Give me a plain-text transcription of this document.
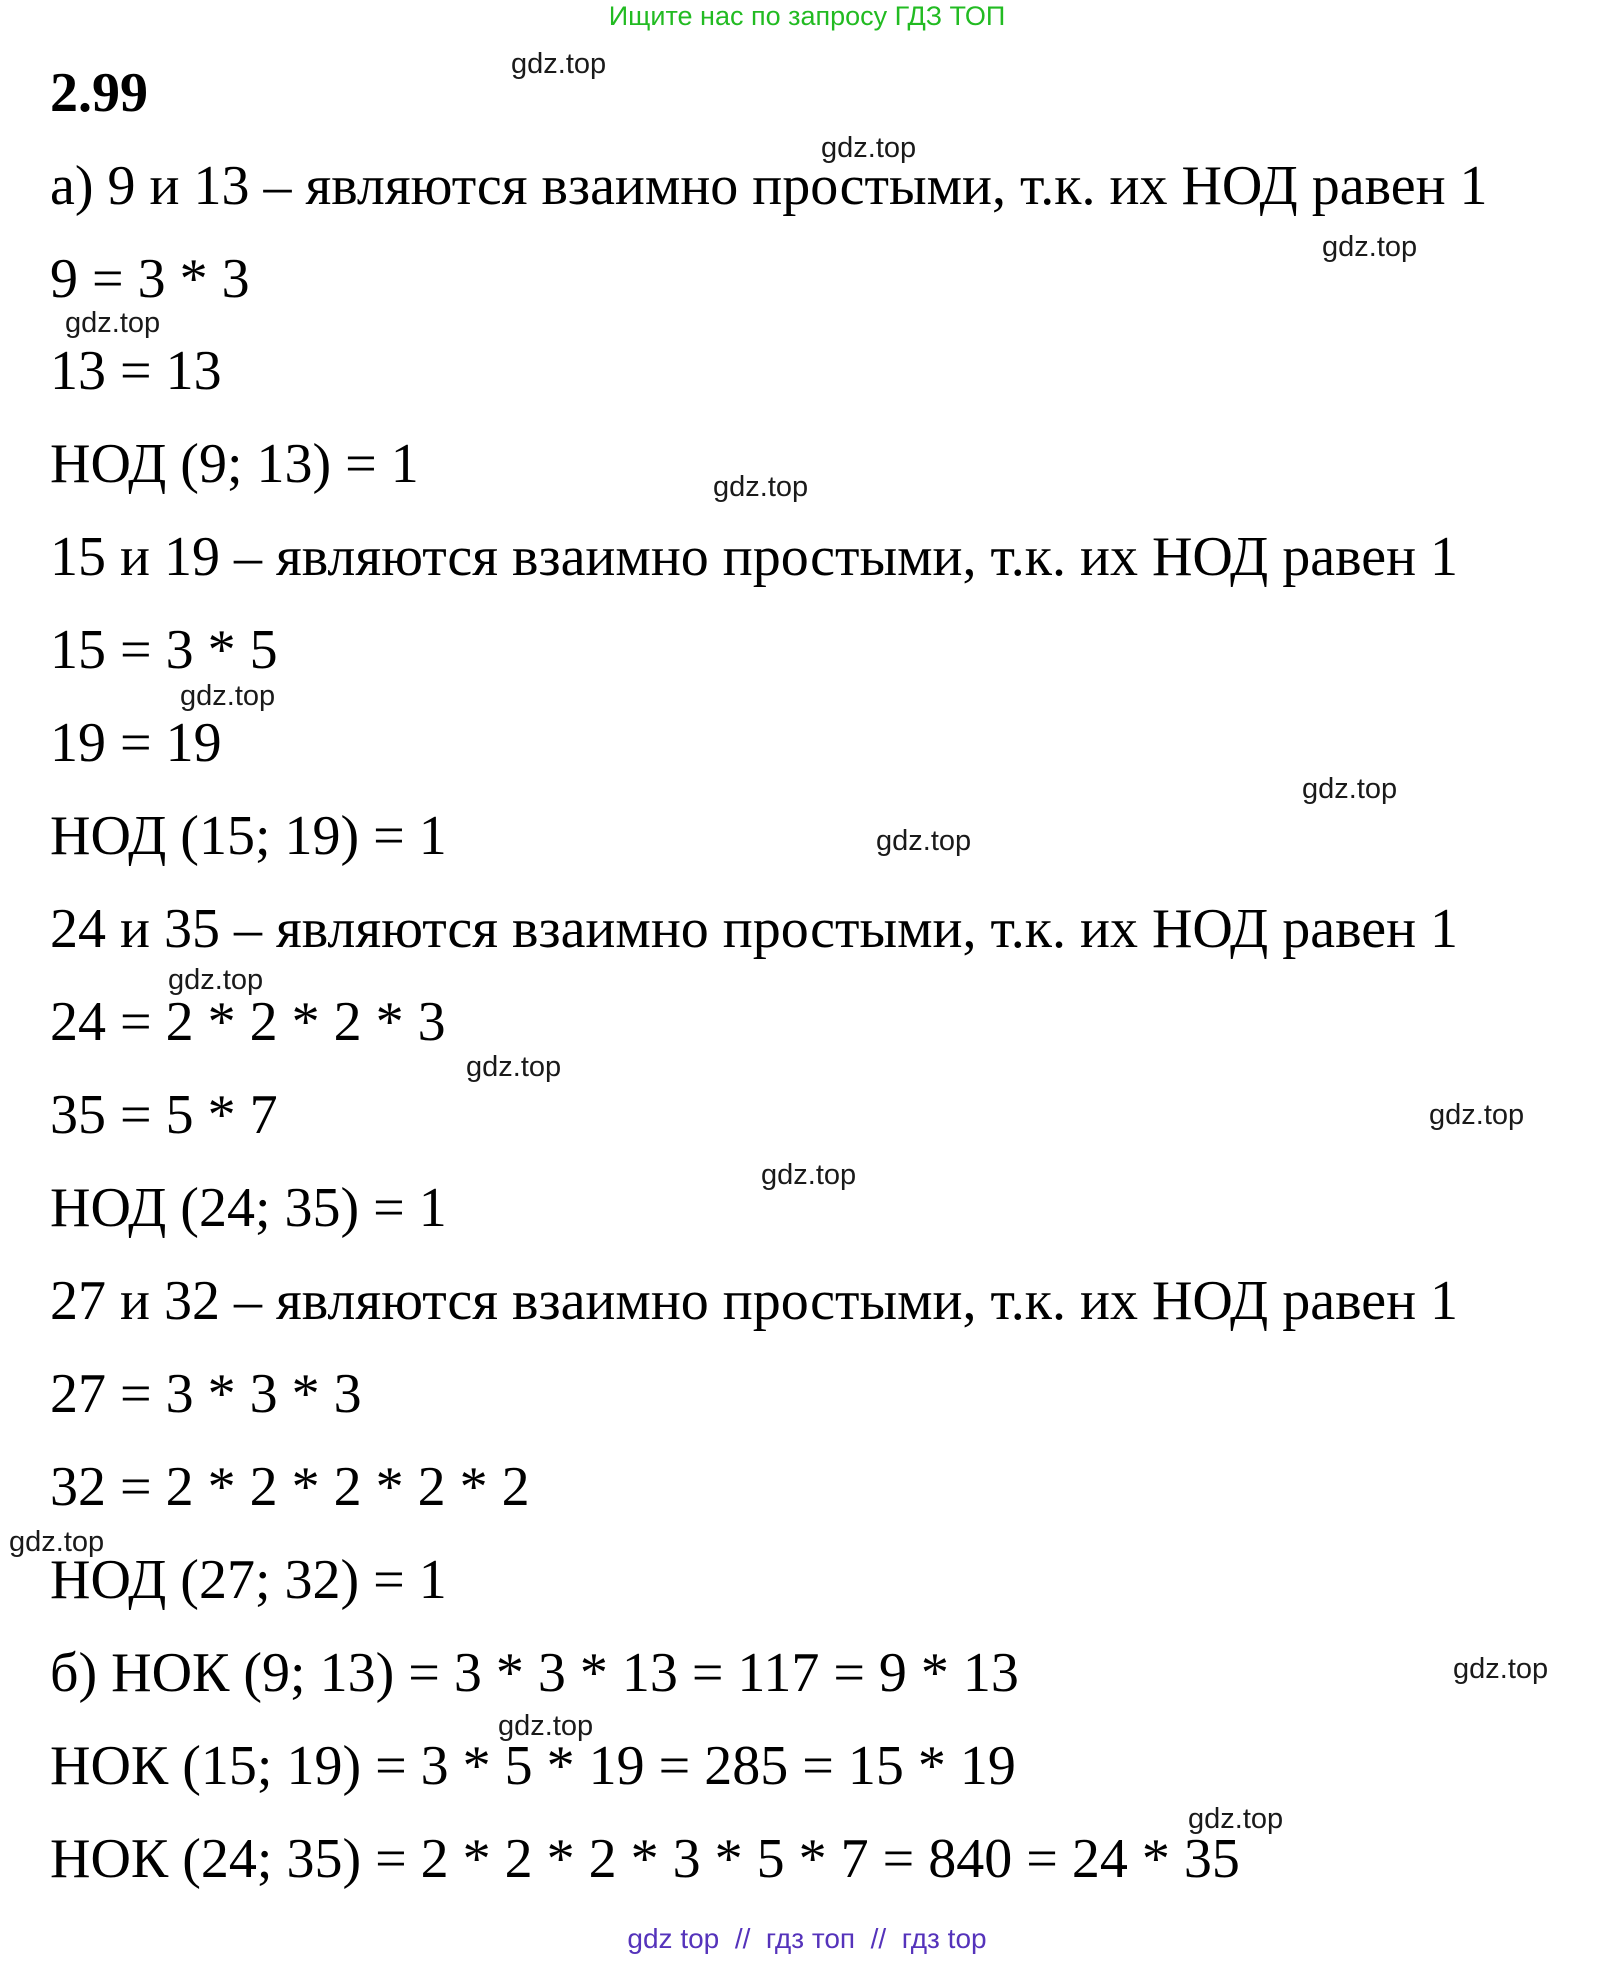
Ищите нас по запросу ГДЗ ТОП
2.99
а) 9 и 13 – являются взаимно простыми, т.к. их НОД равен 1
9 = 3 * 3
13 = 13
НОД (9; 13) = 1
15 и 19 – являются взаимно простыми, т.к. их НОД равен 1
15 = 3 * 5
19 = 19
НОД (15; 19) = 1
24 и 35 – являются взаимно простыми, т.к. их НОД равен 1
24 = 2 * 2 * 2 * 3
35 = 5 * 7
НОД (24; 35) = 1
27 и 32 – являются взаимно простыми, т.к. их НОД равен 1
27 = 3 * 3 * 3
32 = 2 * 2 * 2 * 2 * 2
НОД (27; 32) = 1
б) НОК (9; 13) = 3 * 3 * 13 = 117 = 9 * 13
НОК (15; 19) = 3 * 5 * 19 = 285 = 15 * 19
НОК (24; 35) = 2 * 2 * 2 * 3 * 5 * 7 = 840 = 24 * 35
gdz.top
gdz.top
gdz.top
gdz.top
gdz.top
gdz.top
gdz.top
gdz.top
gdz.top
gdz.top
gdz.top
gdz.top
gdz.top
gdz.top
gdz.top
gdz.top
gdz top  //  гдз топ  //  гдз top
